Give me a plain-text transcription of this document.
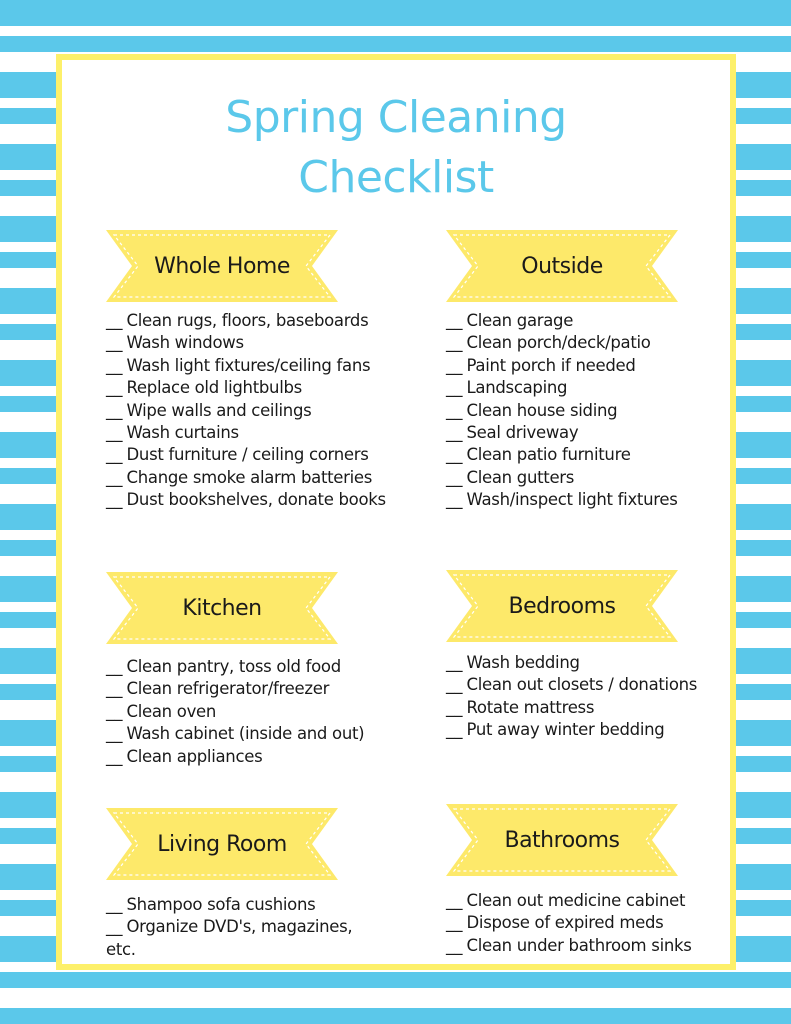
Spring Cleaning
Checklist
Whole Home
__ Clean rugs, floors, baseboards
__ Wash windows
__ Wash light fixtures/ceiling fans
__ Replace old lightbulbs
__ Wipe walls and ceilings
__ Wash curtains
__ Dust furniture / ceiling corners
__ Change smoke alarm batteries
__ Dust bookshelves, donate books
Outside
__ Clean garage
__ Clean porch/deck/patio
__ Paint porch if needed
__ Landscaping
__ Clean house siding
__ Seal driveway
__ Clean patio furniture
__ Clean gutters
__ Wash/inspect light fixtures
Kitchen
__ Clean pantry, toss old food
__ Clean refrigerator/freezer
__ Clean oven
__ Wash cabinet (inside and out)
__ Clean appliances
Bedrooms
__ Wash bedding
__ Clean out closets / donations
__ Rotate mattress
__ Put away winter bedding
Living Room
__ Shampoo sofa cushions
__ Organize DVD's, magazines, etc.
Bathrooms
__ Clean out medicine cabinet
__ Dispose of expired meds
__ Clean under bathroom sinks
